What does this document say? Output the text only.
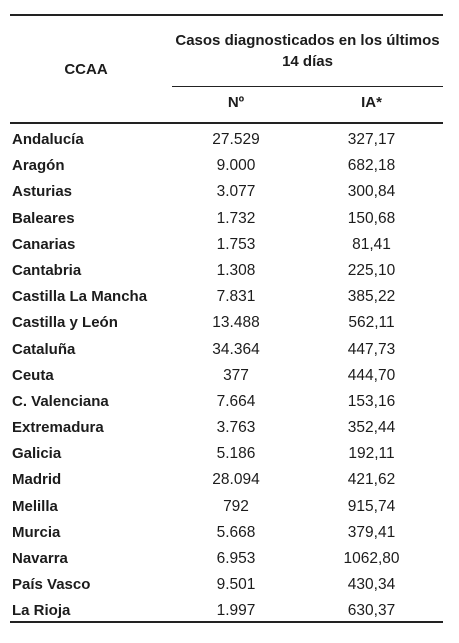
CCAA
Casos diagnosticados en los últimos 14 días
Nº	IA*
Andalucía	27.529	327,17
Aragón	9.000	682,18
Asturias	3.077	300,84
Baleares	1.732	150,68
Canarias	1.753	81,41
Cantabria	1.308	225,10
Castilla La Mancha	7.831	385,22
Castilla y León	13.488	562,11
Cataluña	34.364	447,73
Ceuta	377	444,70
C. Valenciana	7.664	153,16
Extremadura	3.763	352,44
Galicia	5.186	192,11
Madrid	28.094	421,62
Melilla	792	915,74
Murcia	5.668	379,41
Navarra	6.953	1062,80
País Vasco	9.501	430,34
La Rioja	1.997	630,37
